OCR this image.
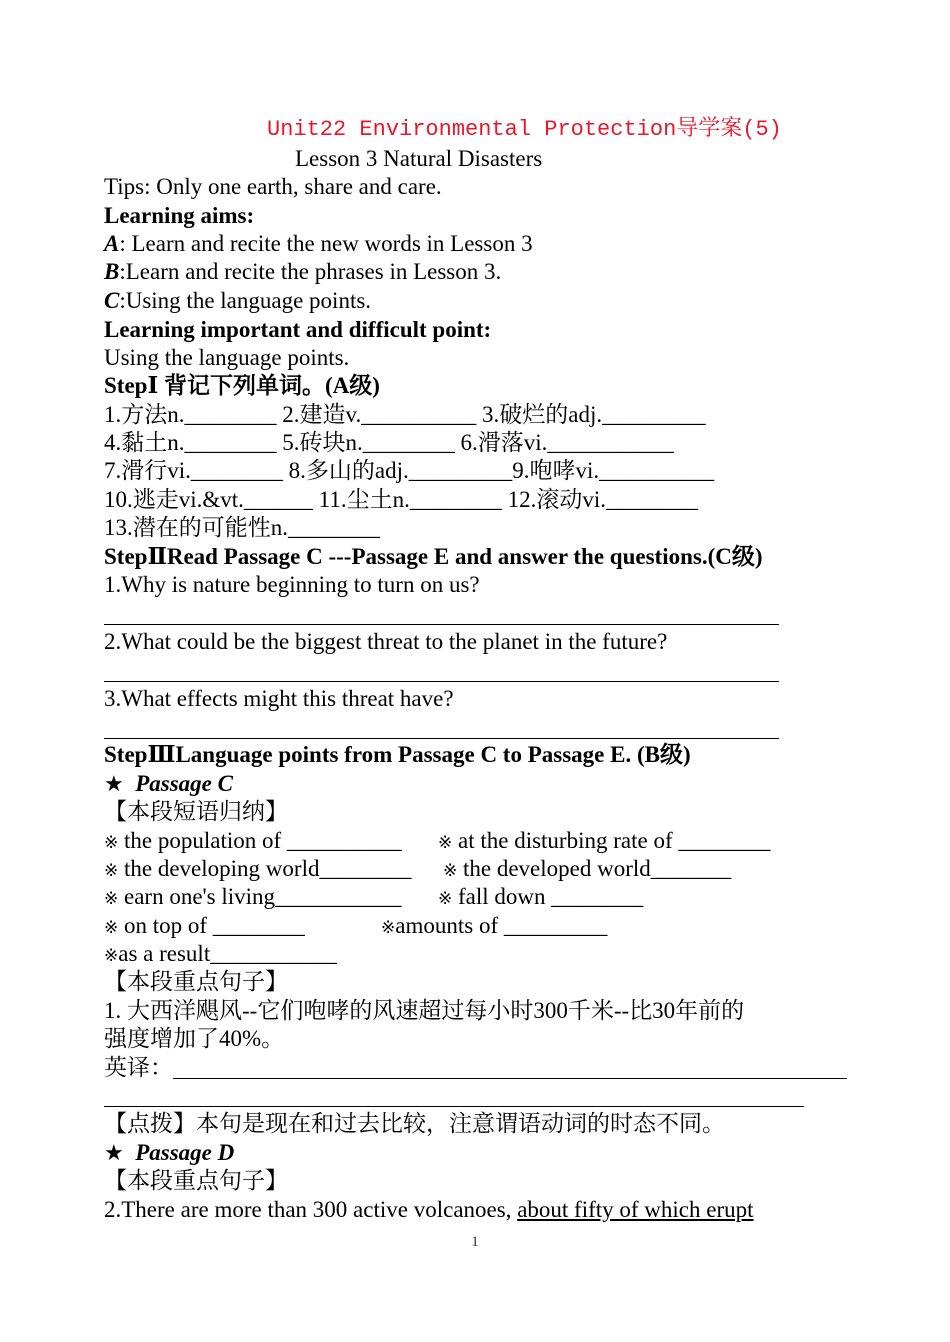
Unit22 Environmental Protection导学案(5)
Lesson 3 Natural Disasters
Tips: Only one earth, share and care.
Learning aims:
A: Learn and recite the new words in Lesson 3
B:Learn and recite the phrases in Lesson 3.
C:Using the language points.
Learning important and difficult point:
Using the language points.
StepⅠ 背记下列单词。(A级)
1.方法n.________ 2.建造v.__________ 3.破烂的adj._________
4.黏土n.________ 5.砖块n.________ 6.滑落vi.___________
7.滑行vi.________ 8.多山的adj._________9.咆哮vi.__________
10.逃走vi.&vt.______ 11.尘土n.________ 12.滚动vi.________
13.潜在的可能性n.________
StepⅡRead Passage C ---Passage E and answer the questions.(C级)
1.Why is nature beginning to turn on us?
2.What could be the biggest threat to the planet in the future?
3.What effects might this threat have?
StepⅢLanguage points from Passage C to Passage E. (B级)
★ Passage C
【本段短语归纳】
※ the population of __________ ※ at the disturbing rate of ________
※ the developing world________ ※ the developed world_______
※ earn one's living___________ ※ fall down ________
※ on top of ________	※amounts of _________
※as a result___________
【本段重点句子】
1. 大西洋飓风--它们咆哮的风速超过每小时300千米--比30年前的
强度增加了40%。
英译：
【点拨】本句是现在和过去比较，注意谓语动词的时态不同。
★ Passage D
【本段重点句子】
2.There are more than 300 active volcanoes, about fifty of which erupt
1
